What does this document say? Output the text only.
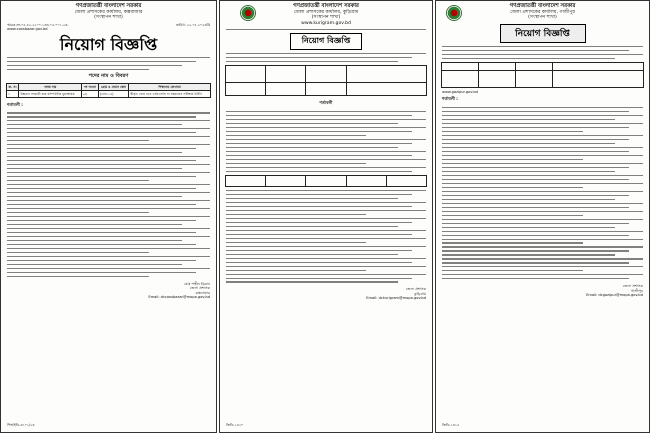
গণপ্রজাতন্ত্রী বাংলাদেশ সরকার
জেলা প্রশাসকের কার্যালয়, কক্সবাজার
(সংস্থাপন শাখা)
স্মারক নং-০৫.৪২.২২০০.১৩৩.০৫.০০১.২৩-	তারিখ: ২২.০৫.২০২৩খ্রি
www.coxsbazar.gov.bd
নিয়োগ বিজ্ঞপ্তি
পদের নাম ও বিবরণ
ক্র. নং	পদের নাম	পদ সংখ্যা	গ্রেড ও বেতন স্কেল	শিক্ষাগত যোগ্যতা
১	উচ্চমান সহকারী কাম কম্পিউটার মুদ্রাক্ষরিক	০৪	(গ্রেড-১৬)	স্বীকৃত বোর্ড হতে এইচএসসি বা সমমানের পরীক্ষায় উত্তীর্ণ
শর্তাবলী :
মোঃ শাহীন ইমরান
জেলা প্রশাসক
কক্সবাজার
Email: dccoxsbazar@mopa.gov.bd
পিআইডি-৩১০১/২৩
গণপ্রজাতন্ত্রী বাংলাদেশ সরকার
জেলা প্রশাসকের কার্যালয়, কুড়িগ্রাম
(সংস্থাপন শাখা)
www.kurigram.gov.bd
নিয়োগ বিজ্ঞপ্তি

শর্তাবলী

জেলা প্রশাসক
কুড়িগ্রাম
Email: dckurigram@mopa.gov.bd
জিডি-১৪২০
গণপ্রজাতন্ত্রী বাংলাদেশ সরকার
জেলা প্রশাসকের কার্যালয়, গাজীপুর
(সংস্থাপন শাখা)
নিয়োগ বিজ্ঞপ্তি

www.gazipur.gov.bd
শর্তাবলী :
জেলা প্রশাসক
গাজীপুর
Email: dcgazipur@mopa.gov.bd
জিডি-১৪১৫
